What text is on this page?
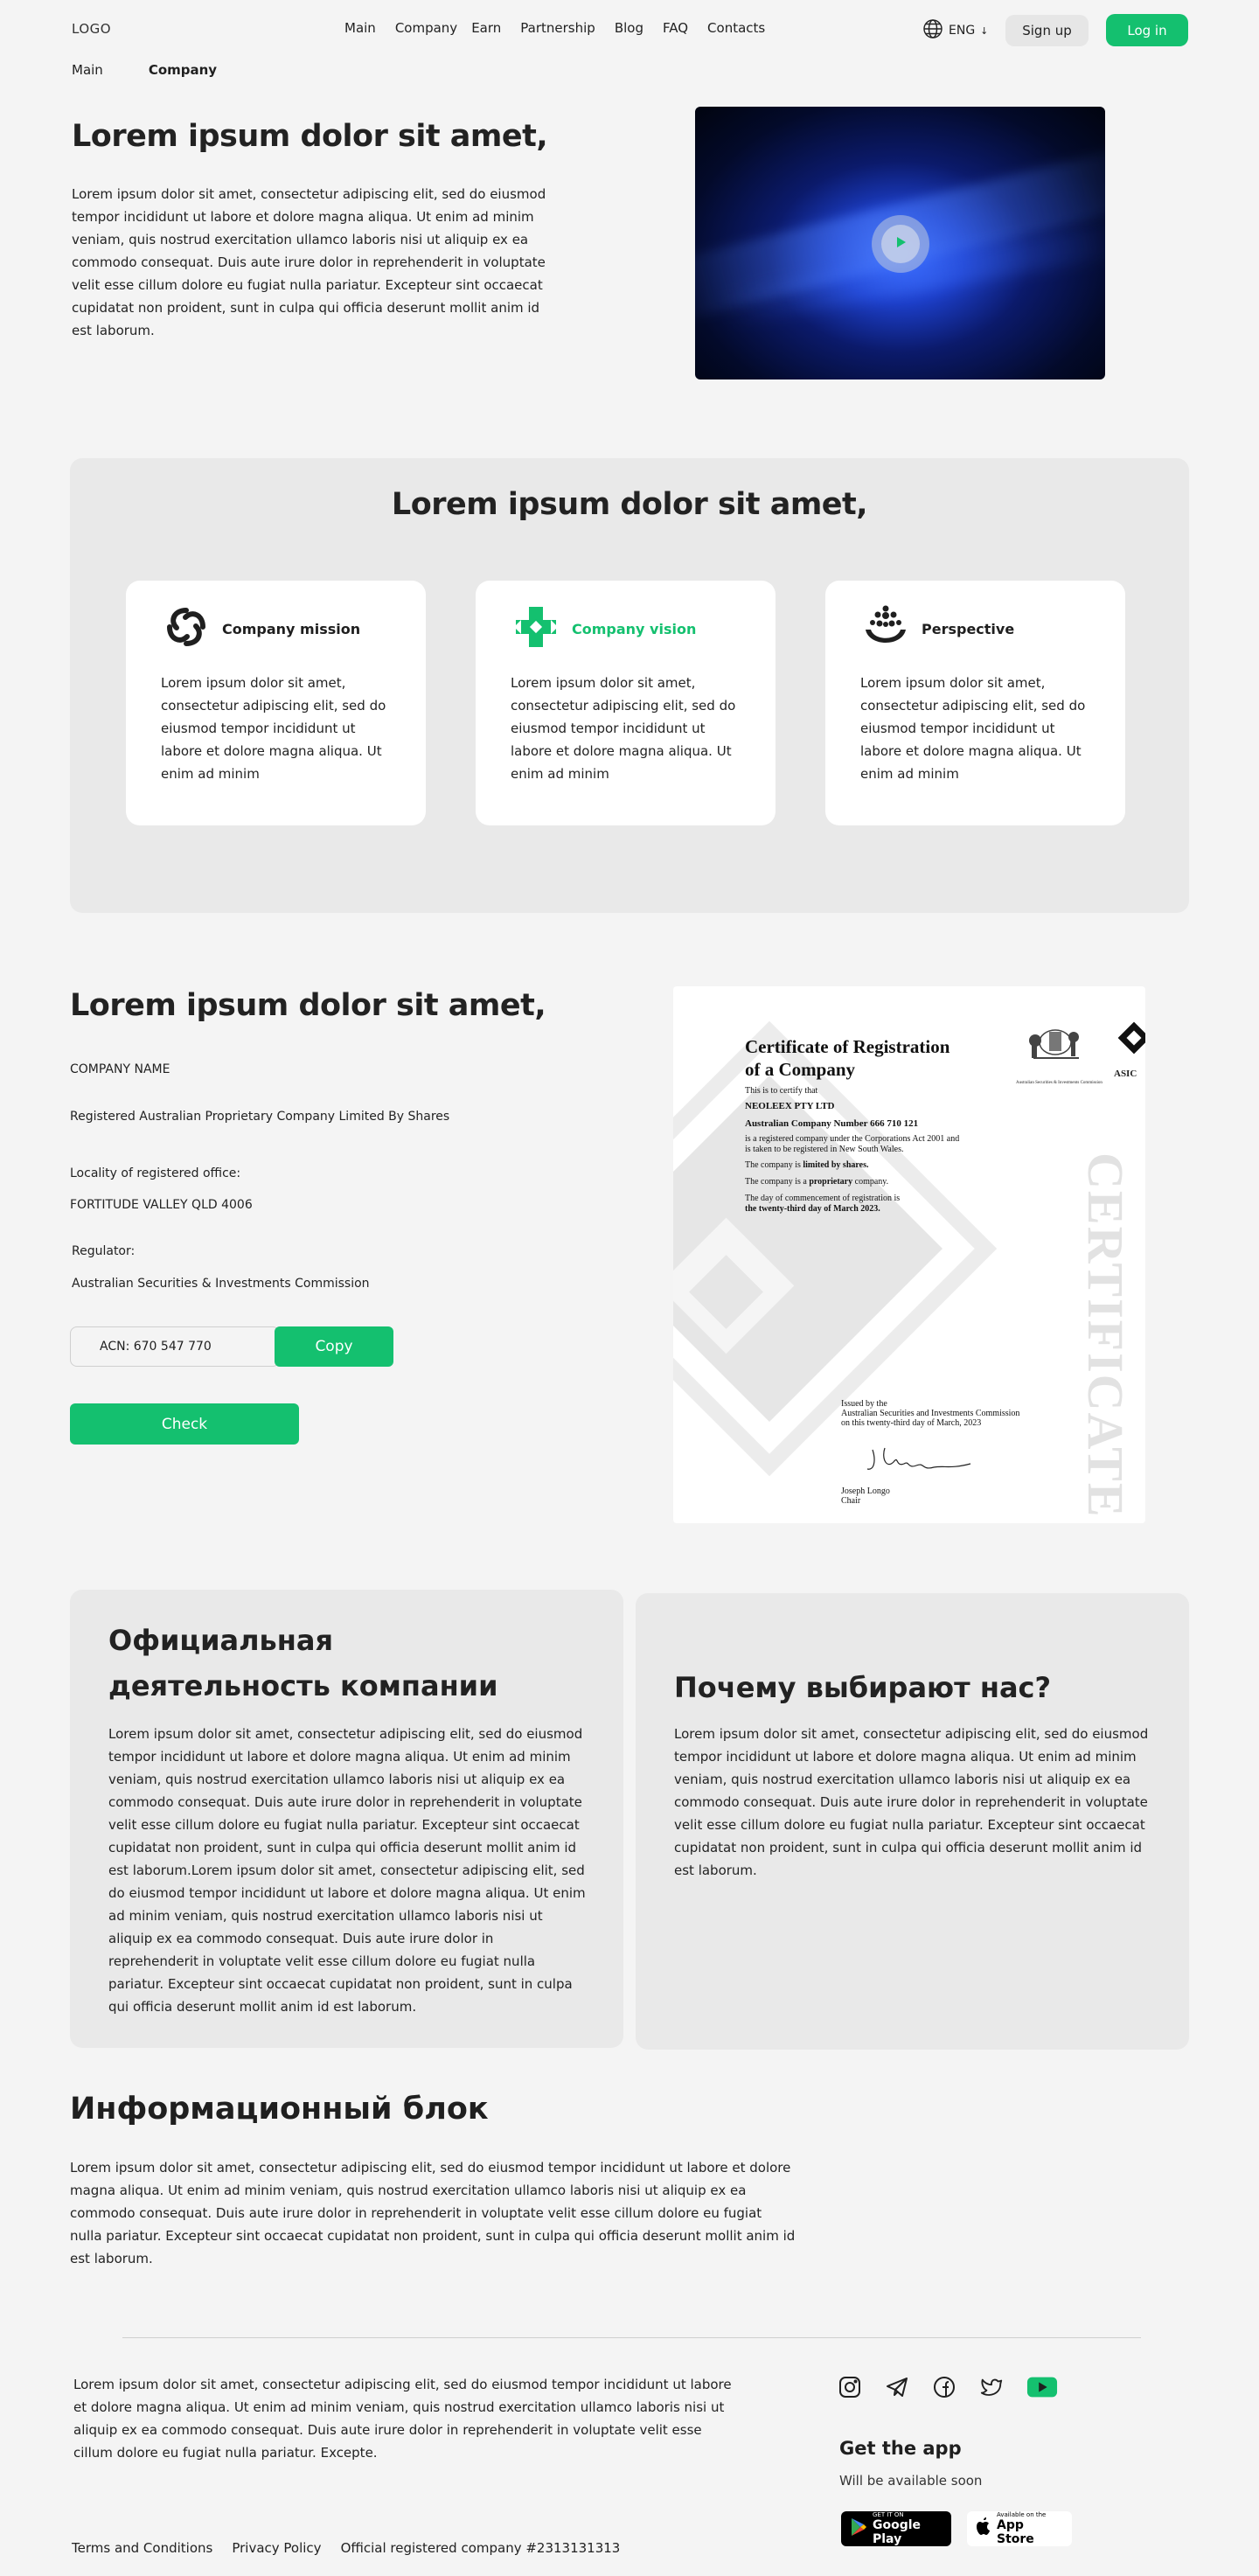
LOGO	Main Company Earn Partnership Blog FAQ Contacts	ENG ↓	Sign up	Log in
Main	Company
Lorem ipsum dolor sit amet,

Lorem ipsum dolor sit amet, consectetur adipiscing elit, sed do eiusmod tempor incididunt ut labore et dolore magna aliqua. Ut enim ad minim veniam, quis nostrud exercitation ullamco laboris nisi ut aliquip ex ea commodo consequat. Duis aute irure dolor in reprehenderit in voluptate velit esse cillum dolore eu fugiat nulla pariatur. Excepteur sint occaecat cupidatat non proident, sunt in culpa qui officia deserunt mollit anim id est laborum.

Lorem ipsum dolor sit amet,
Company mission

Lorem ipsum dolor sit amet, consectetur adipiscing elit, sed do eiusmod tempor incididunt ut labore et dolore magna aliqua. Ut enim ad minim

Company vision

Lorem ipsum dolor sit amet, consectetur adipiscing elit, sed do eiusmod tempor incididunt ut labore et dolore magna aliqua. Ut enim ad minim

Perspective

Lorem ipsum dolor sit amet, consectetur adipiscing elit, sed do eiusmod tempor incididunt ut labore et dolore magna aliqua. Ut enim ad minim

Lorem ipsum dolor sit amet,
COMPANY NAME
Registered Australian Proprietary Company Limited By Shares
Locality of registered office:
FORTITUDE VALLEY QLD 4006
Regulator:
Australian Securities & Investments Commission
ACN: 670 547 770	Copy
Check
Certificate of Registration
of a Company
This is to certify that
NEOLEEX PTY LTD
Australian Company Number 666 710 121
is a registered company under the Corporations Act 2001 and
is taken to be registered in New South Wales.
The company is limited by shares.
The company is a proprietary company.
The day of commencement of registration is
the twenty-third day of March 2023.
Issued by the
Australian Securities and Investments Commission
on this twenty-third day of March, 2023
Joseph Longo
Chair
ASIC
Australian Securities & Investments Commission
CERTIFICATE
Официальная деятельность компании

Lorem ipsum dolor sit amet, consectetur adipiscing elit, sed do eiusmod tempor incididunt ut labore et dolore magna aliqua. Ut enim ad minim veniam, quis nostrud exercitation ullamco laboris nisi ut aliquip ex ea commodo consequat. Duis aute irure dolor in reprehenderit in voluptate velit esse cillum dolore eu fugiat nulla pariatur. Excepteur sint occaecat cupidatat non proident, sunt in culpa qui officia deserunt mollit anim id est laborum.Lorem ipsum dolor sit amet, consectetur adipiscing elit, sed do eiusmod tempor incididunt ut labore et dolore magna aliqua. Ut enim ad minim veniam, quis nostrud exercitation ullamco laboris nisi ut aliquip ex ea commodo consequat. Duis aute irure dolor in reprehenderit in voluptate velit esse cillum dolore eu fugiat nulla pariatur. Excepteur sint occaecat cupidatat non proident, sunt in culpa qui officia deserunt mollit anim id est laborum.

Почему выбирают нас?

Lorem ipsum dolor sit amet, consectetur adipiscing elit, sed do eiusmod tempor incididunt ut labore et dolore magna aliqua. Ut enim ad minim veniam, quis nostrud exercitation ullamco laboris nisi ut aliquip ex ea commodo consequat. Duis aute irure dolor in reprehenderit in voluptate velit esse cillum dolore eu fugiat nulla pariatur. Excepteur sint occaecat cupidatat non proident, sunt in culpa qui officia deserunt mollit anim id est laborum.

Информационный блок

Lorem ipsum dolor sit amet, consectetur adipiscing elit, sed do eiusmod tempor incididunt ut labore et dolore magna aliqua. Ut enim ad minim veniam, quis nostrud exercitation ullamco laboris nisi ut aliquip ex ea commodo consequat. Duis aute irure dolor in reprehenderit in voluptate velit esse cillum dolore eu fugiat nulla pariatur. Excepteur sint occaecat cupidatat non proident, sunt in culpa qui officia deserunt mollit anim id est laborum.

Lorem ipsum dolor sit amet, consectetur adipiscing elit, sed do eiusmod tempor incididunt ut labore et dolore magna aliqua. Ut enim ad minim veniam, quis nostrud exercitation ullamco laboris nisi ut aliquip ex ea commodo consequat. Duis aute irure dolor in reprehenderit in voluptate velit esse cillum dolore eu fugiat nulla pariatur. Excepte.	Get the app
Will be available soon
GET IT ON
Google Play
Available on the
App Store
Terms and Conditions Privacy Policy Official registered company #2313131313
